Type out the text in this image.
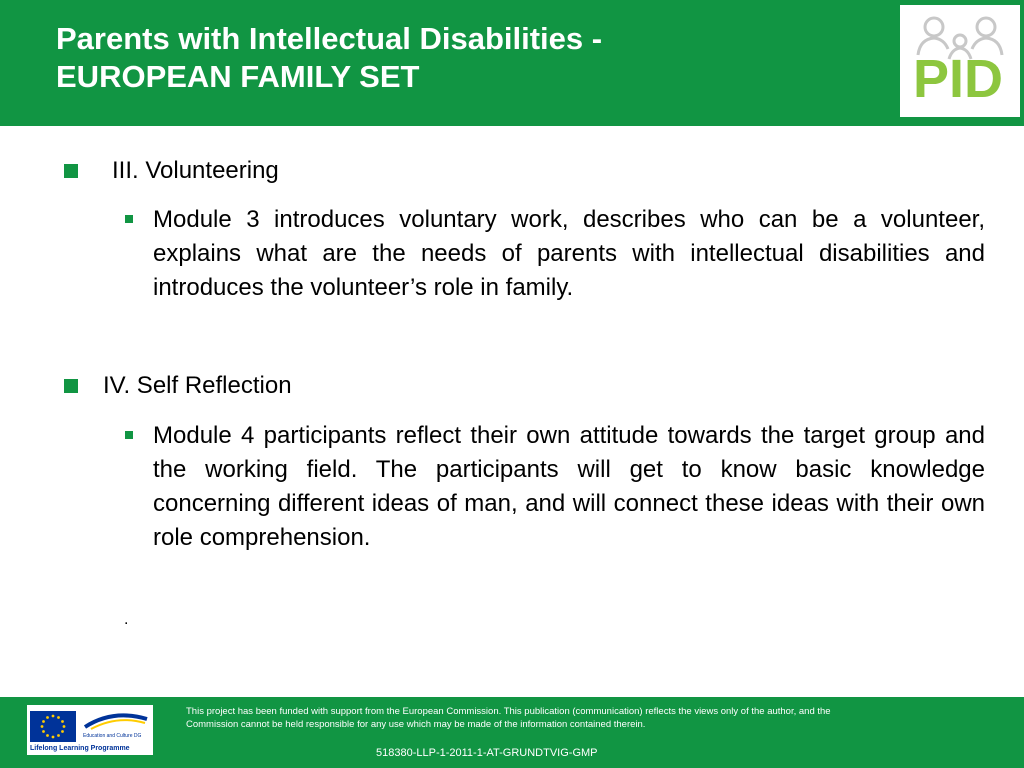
Parents with Intellectual Disabilities -
EUROPEAN FAMILY SET	PID
III. Volunteering

Module 3 introduces voluntary work, describes who can be a volunteer, explains what are the needs of parents with intellectual disabilities and introduces the volunteer’s role in family.

IV. Self Reflection

Module 4 participants reflect their own attitude towards the target group and the working field. The participants will get to know basic knowledge concerning different ideas of man, and will connect these ideas with their own role comprehension.

.
Education and Culture DG
Lifelong Learning Programme

This project has been funded with support from the European Commission. This publication (communication) reflects the views only of the author, and the Commission cannot be held responsible for any use which may be made of the information contained therein.

518380-LLP-1-2011-1-AT-GRUNDTVIG-GMP
